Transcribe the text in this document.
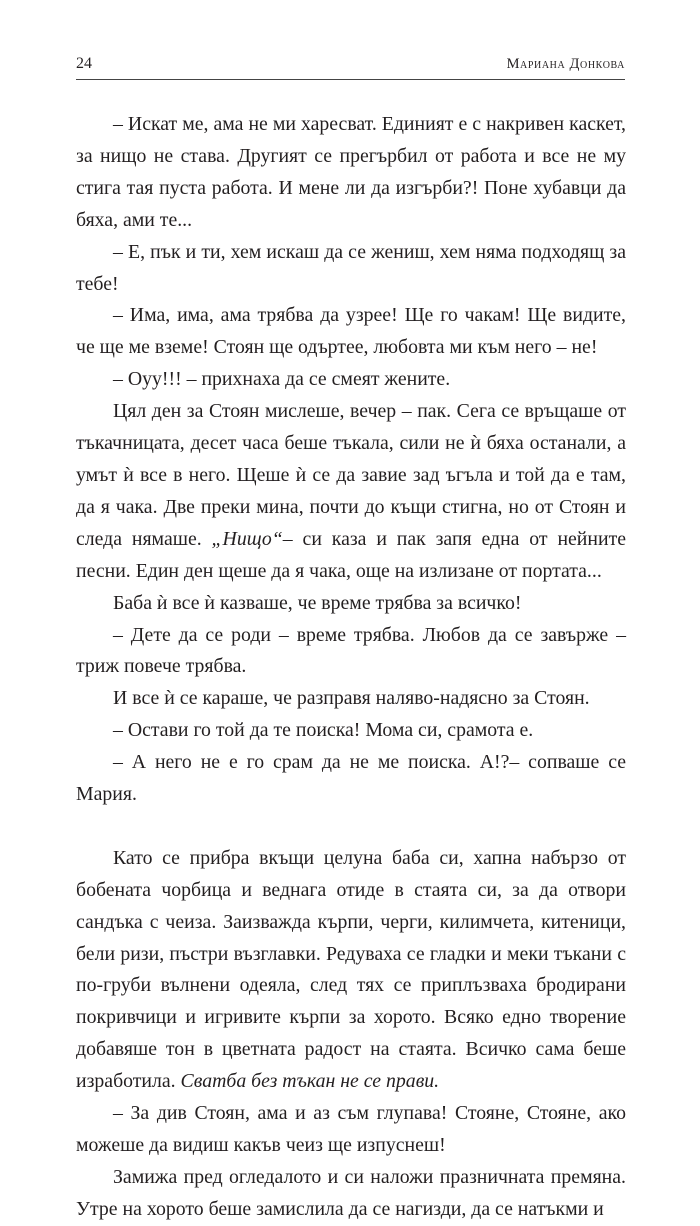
24	Мариана Донкова

– Искат ме, ама не ми харесват. Единият е с накривен каскет, за нищо не става. Другият се прегърбил от работа и все не му стига тая пуста работа. И мене ли да изгърби?! Поне хубавци да бяха, ами те...

– Е, пък и ти, хем искаш да се жениш, хем няма подходящ за тебе!

– Има, има, ама трябва да узрее! Ще го чакам! Ще видите, че ще ме вземе! Стоян ще одъртее, любовта ми към него – не!

– Оуу!!! – прихнаха да се смеят жените.

Цял ден за Стоян мислеше, вечер – пак. Сега се връщаше от тъкачницата, десет часа беше тъкала, сили не ѝ бяха останали, а умът ѝ все в него. Щеше ѝ се да завие зад ъгъла и той да е там, да я чака. Две преки мина, почти до къщи стигна, но от Стоян и следа нямаше. „Нищо“– си каза и пак запя една от нейните песни. Един ден щеше да я чака, още на излизане от портата...

Баба ѝ все ѝ казваше, че време трябва за всичко!

– Дете да се роди – време трябва. Любов да се завърже – триж повече трябва.

И все ѝ се караше, че разправя наляво-надясно за Стоян.

– Остави го той да те поиска! Мома си, срамота е.

– А него не е го срам да не ме поиска. А!?– сопваше се Мария.

Като се прибра вкъщи целуна баба си, хапна набързо от бобената чорбица и веднага отиде в стаята си, за да отвори сандъка с чеиза. Заизважда кърпи, черги, килимчета, китеници, бели ризи, пъстри възглавки. Редуваха се гладки и меки тъкани с по-груби вълнени одеяла, след тях се приплъзваха бродирани покривчици и игривите кърпи за хорото. Всяко едно творение добавяше тон в цветната радост на стаята. Всичко сама беше изработила. Сватба без тъкан не се прави.

– За див Стоян, ама и аз съм глупава! Стояне, Стояне, ако можеше да видиш какъв чеиз ще изпуснеш!

Замижа пред огледалото и си наложи празничната премяна. Утре на хорото беше замислила да се нагизди, да се натъкми и
